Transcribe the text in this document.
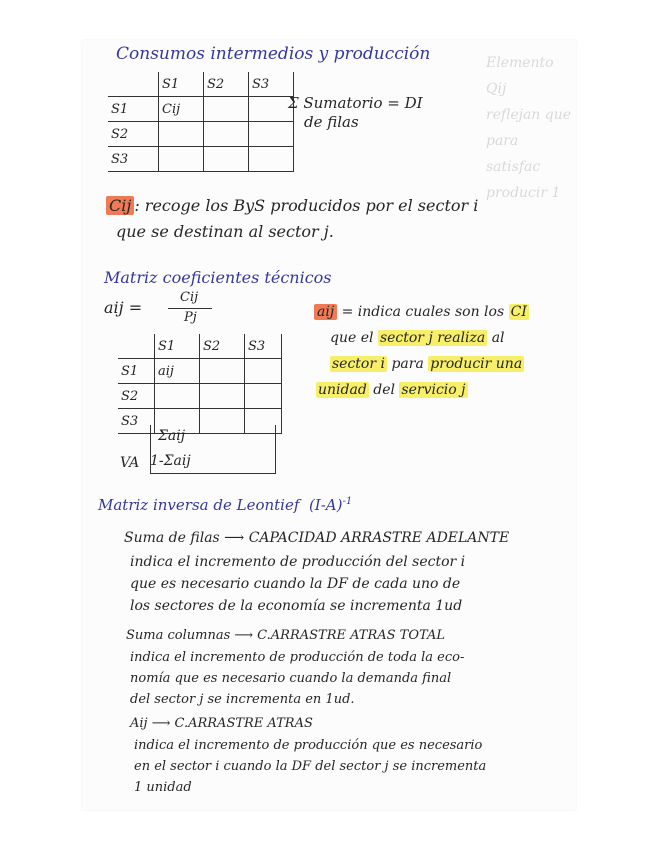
Elemento Qij
reflejan que
para satisfac
producir 1
Consumos intermedios y producción
	S1	S2	S3
S1	Cij		
S2			
S3			
Σ Sumatorio = DI
de filas
Cij : recoge los ByS producidos por el sector i
que se destinan al sector j.
Matriz coeficientes técnicos
aij =
Cij
Pj
	S1	S2	S3
S1	aij		
S2			
S3			
Σaij
VA 1-Σaij
aij = indica cuales son los CI
que el sector j realiza al
sector i para producir una
unidad del servicio j
Matriz inversa de Leontief $(I-A)^{-1}$
Suma de filas ⟶ CAPACIDAD ARRASTRE ADELANTE
indica el incremento de producción del sector i
que es necesario cuando la DF de cada uno de
los sectores de la economía se incrementa 1ud
Suma columnas ⟶ C.ARRASTRE ATRAS TOTAL
indica el incremento de producción de toda la eco-
nomía que es necesario cuando la demanda final
del sector j se incrementa en 1ud.
Aij ⟶ C.ARRASTRE ATRAS
indica el incremento de producción que es necesario
en el sector i cuando la DF del sector j se incrementa
1 unidad
